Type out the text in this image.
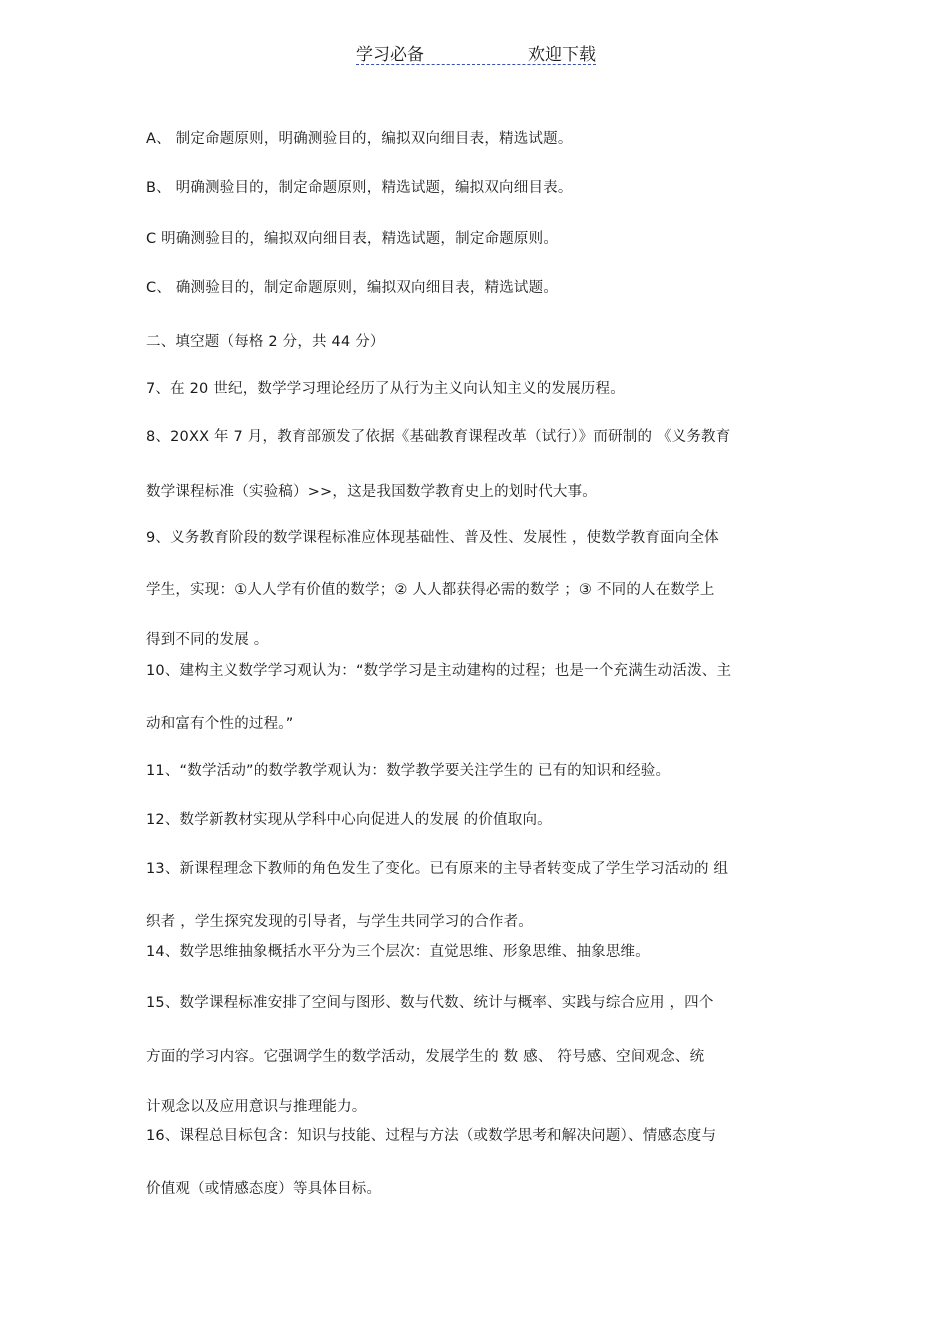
学习必备	欢迎下载
A、 制定命题原则，明确测验目的，编拟双向细目表，精选试题。
B、 明确测验目的，制定命题原则，精选试题，编拟双向细目表。
C 明确测验目的，编拟双向细目表，精选试题，制定命题原则。
C、 确测验目的，制定命题原则，编拟双向细目表，精选试题。
二、填空题（每格 2 分，共 44 分）
7、在 20 世纪，数学学习理论经历了从行为主义向认知主义的发展历程。
8、20XX 年 7 月，教育部颁发了依据《基础教育课程改革（试行）》而研制的 《义务教育
数学课程标准（实验稿）>>，这是我国数学教育史上的划时代大事。
9、义务教育阶段的数学课程标准应体现基础性、普及性、发展性 ，使数学教育面向全体
学生，实现：①人人学有价值的数学；② 人人都获得必需的数学 ；③ 不同的人在数学上
得到不同的发展 。
10、建构主义数学学习观认为：“数学学习是主动建构的过程；也是一个充满生动活泼、主
动和富有个性的过程。”
11、“数学活动”的数学教学观认为：数学教学要关注学生的 已有的知识和经验。
12、数学新教材实现从学科中心向促进人的发展 的价值取向。
13、新课程理念下教师的角色发生了变化。已有原来的主导者转变成了学生学习活动的 组
织者 ，学生探究发现的引导者，与学生共同学习的合作者。
14、数学思维抽象概括水平分为三个层次：直觉思维、形象思维、抽象思维。
15、数学课程标准安排了空间与图形、数与代数、统计与概率、实践与综合应用 ，四个
方面的学习内容。它强调学生的数学活动，发展学生的 数 感、 符号感、空间观念、统
计观念以及应用意识与推理能力。
16、课程总目标包含：知识与技能、过程与方法（或数学思考和解决问题）、情感态度与
价值观（或情感态度）等具体目标。
